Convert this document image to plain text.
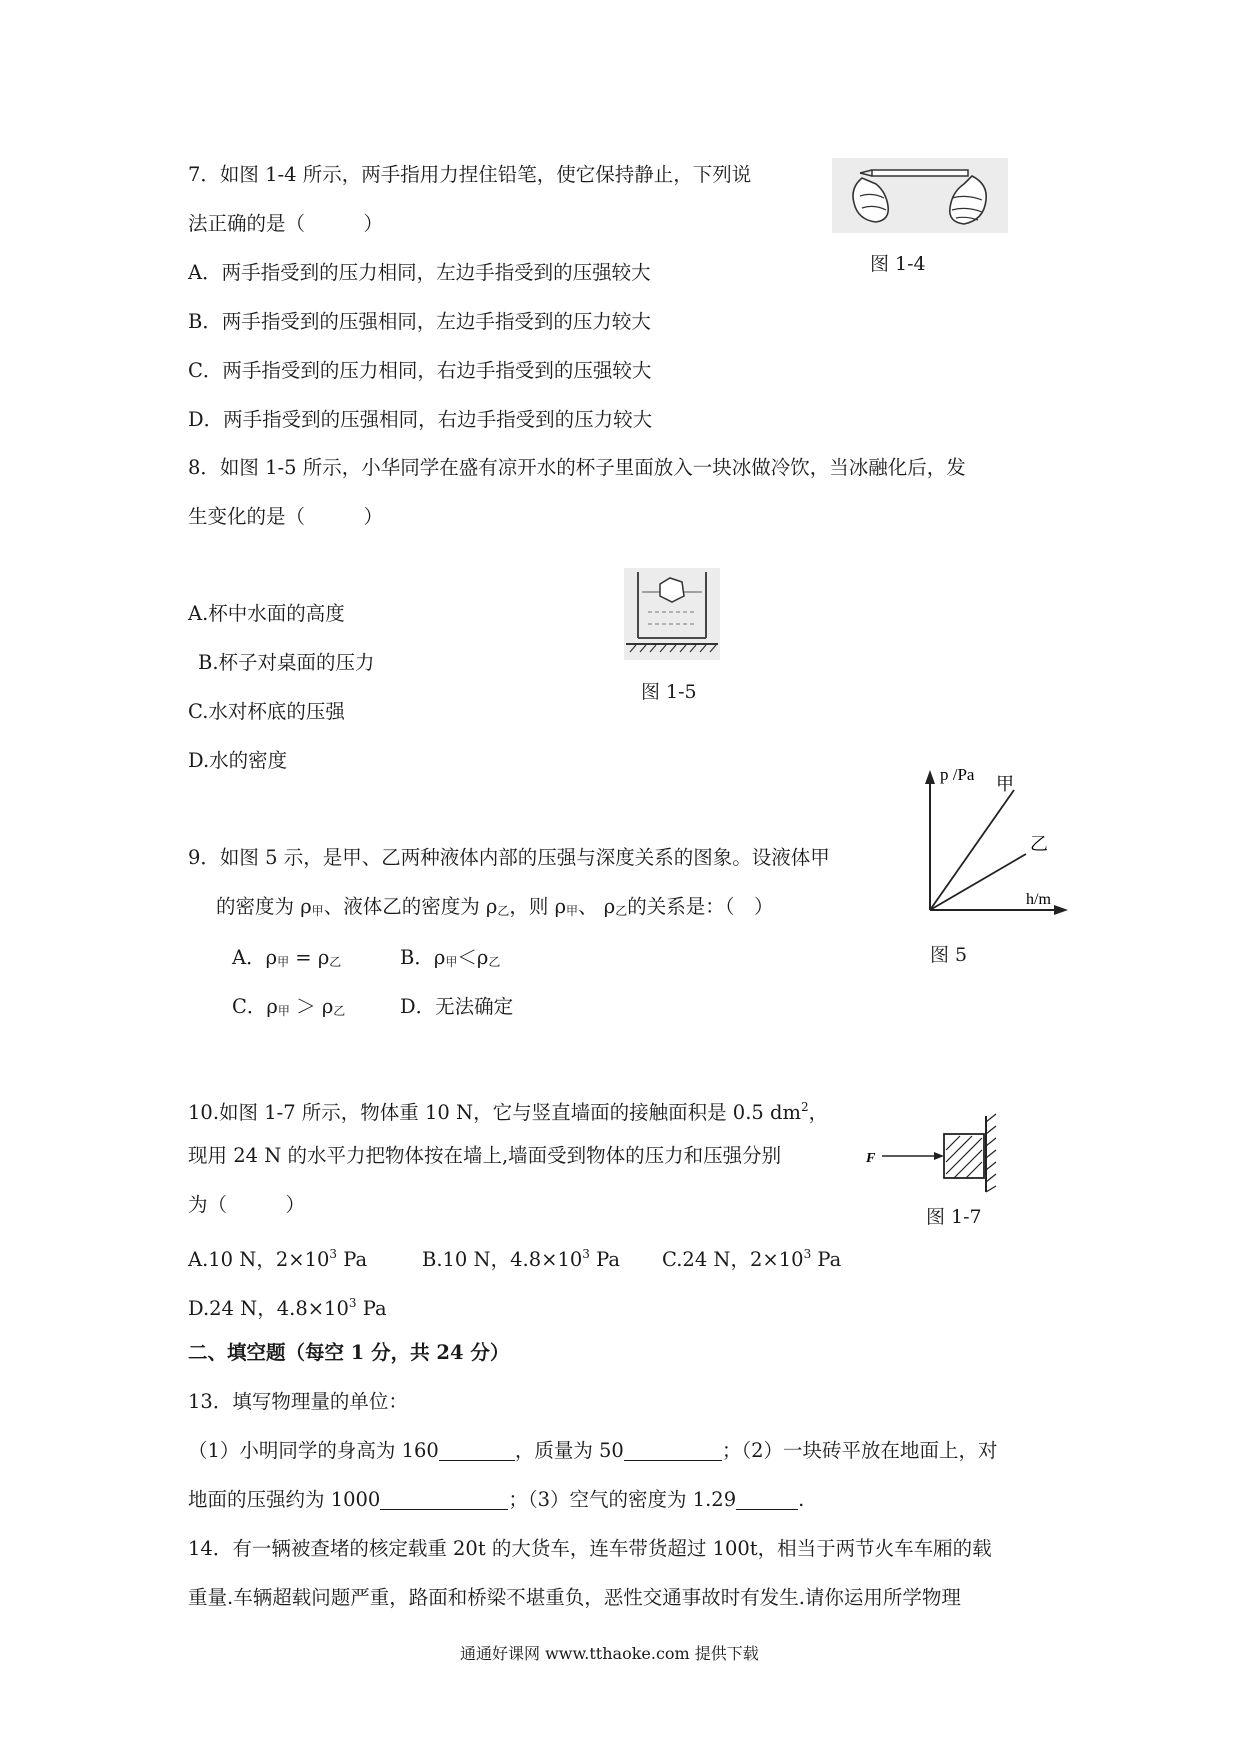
7．如图 1-4 所示，两手指用力捏住铅笔，使它保持静止，下列说
法正确的是（　　　）
A．两手指受到的压力相同，左边手指受到的压强较大
B．两手指受到的压强相同，左边手指受到的压力较大
C．两手指受到的压力相同，右边手指受到的压强较大
D．两手指受到的压强相同，右边手指受到的压力较大
图 1-4
8．如图 1-5 所示，小华同学在盛有凉开水的杯子里面放入一块冰做冷饮，当冰融化后，发
生变化的是（　　　）
A.杯中水面的高度
B.杯子对桌面的压力
C.水对杯底的压强
D.水的密度
图 1-5
9．如图 5 示，是甲、乙两种液体内部的压强与深度关系的图象。设液体甲
的密度为 ρ甲、液体乙的密度为 ρ乙，则 ρ甲、 ρ乙的关系是：（　）
A．ρ甲 = ρ乙	B．ρ甲＜ρ乙
C．ρ甲 ＞ ρ乙	D．无法确定
p /Pa 甲
乙
h/m
图 5
10.如图 1-7 所示，物体重 10 N，它与竖直墙面的接触面积是 0.5 $dm^2$，
现用 24 N 的水平力把物体按在墙上,墙面受到物体的压力和压强分别
为（　　　）
A.10 N，$2\times 10^3$ Pa	B.10 N，$4.8\times 10^3$ Pa C.24 N，$2\times 10^3$ Pa
D.24 N，$4.8\times 10^3$ Pa
F
图 1-7
二、填空题（每空 1 分，共 24 分）
13．填写物理量的单位：
（1）小明同学的身高为 160	，质量为 50	；（2）一块砖平放在地面上，对
地面的压强约为 1000	；（3）空气的密度为 1.29	.
14．有一辆被查堵的核定载重 20t 的大货车，连车带货超过 100t，相当于两节火车车厢的载
重量.车辆超载问题严重，路面和桥梁不堪重负，恶性交通事故时有发生.请你运用所学物理
通通好课网 www.tthaoke.com 提供下载
